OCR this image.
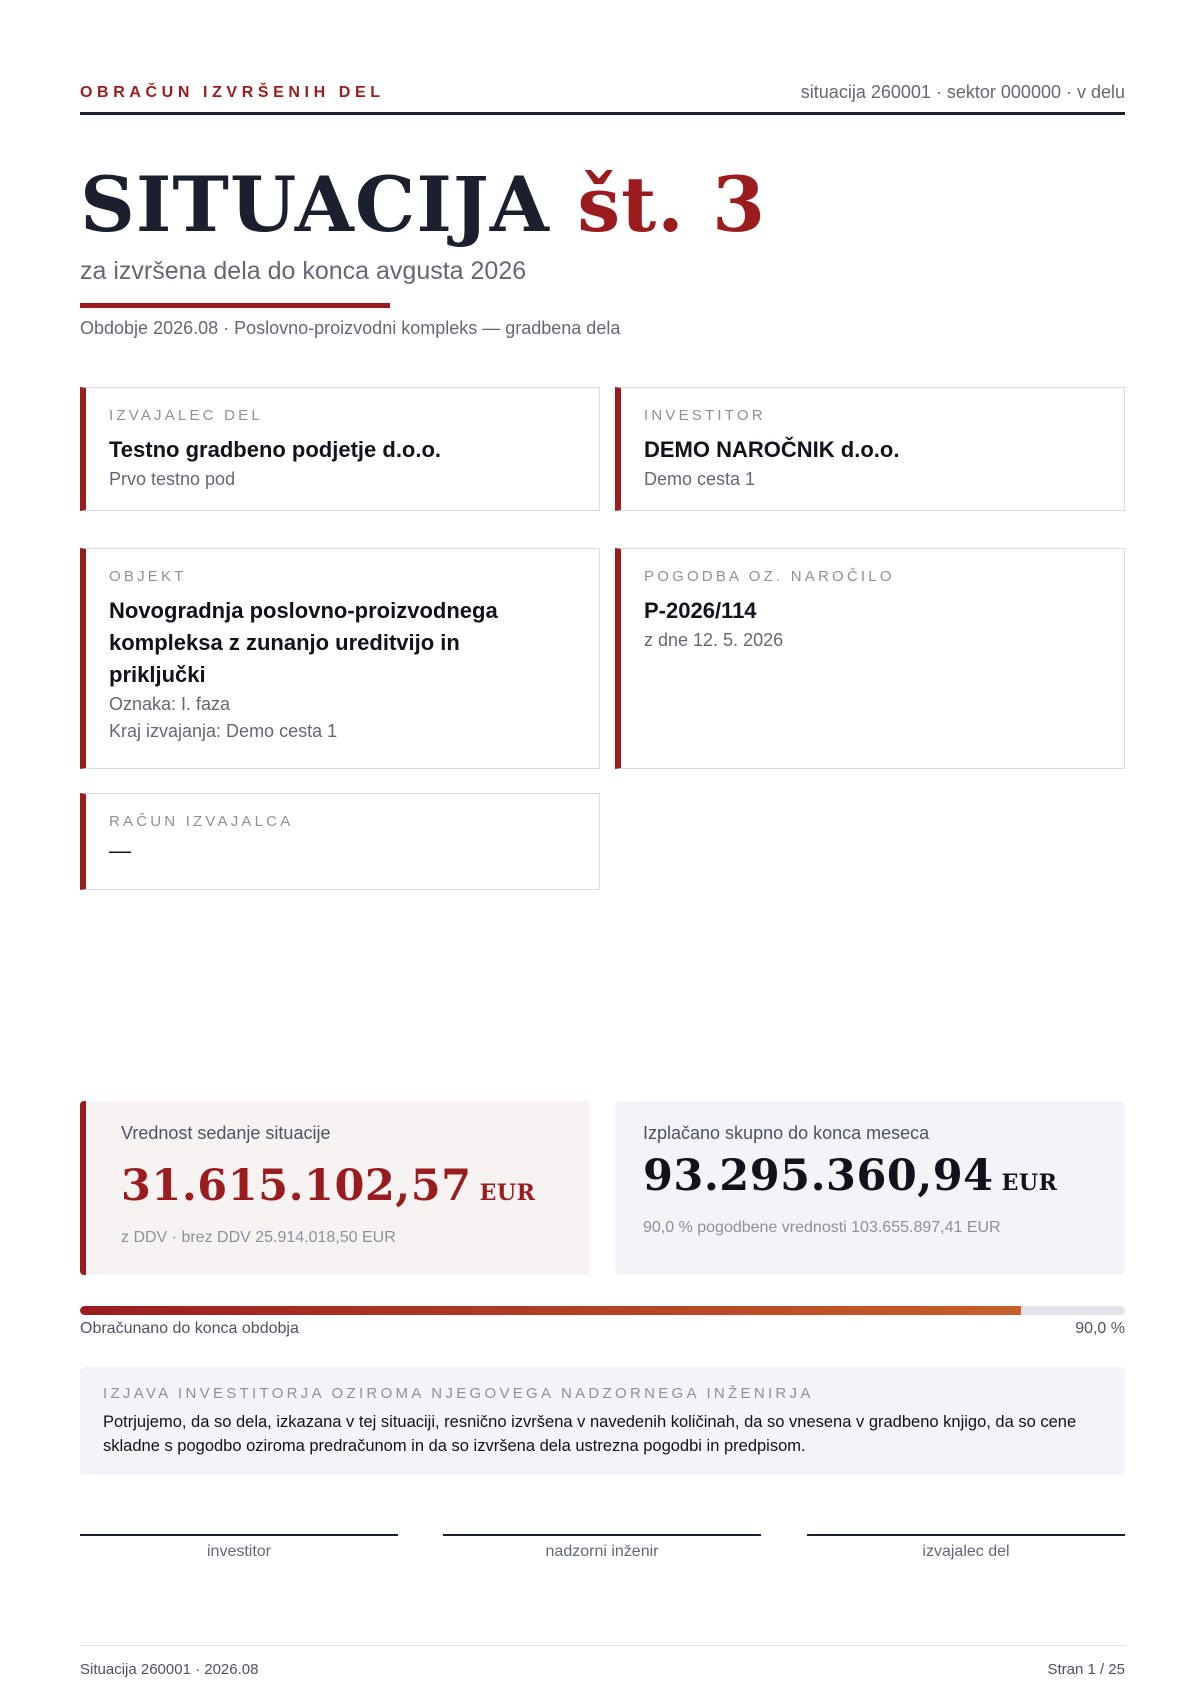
OBRAČUN IZVRŠENIH DEL	situacija 260001 · sektor 000000 · v delu
SITUACIJA št. 3
za izvršena dela do konca avgusta 2026
Obdobje 2026.08 · Poslovno-proizvodni kompleks — gradbena dela
IZVAJALEC DEL
Testno gradbeno podjetje d.o.o.
Prvo testno pod
INVESTITOR
DEMO NAROČNIK d.o.o.
Demo cesta 1
OBJEKT
Novogradnja poslovno-proizvodnega kompleksa z zunanjo ureditvijo in priključki
Oznaka: I. faza
Kraj izvajanja: Demo cesta 1
POGODBA OZ. NAROČILO
P-2026/114
z dne 12. 5. 2026
RAČUN IZVAJALCA
—
Vrednost sedanje situacije
31.615.102,57 EUR
z DDV · brez DDV 25.914.018,50 EUR
Izplačano skupno do konca meseca
93.295.360,94 EUR
90,0 % pogodbene vrednosti 103.655.897,41 EUR
Obračunano do konca obdobja	90,0 %
IZJAVA INVESTITORJA OZIROMA NJEGOVEGA NADZORNEGA INŽENIRJA
Potrjujemo, da so dela, izkazana v tej situaciji, resnično izvršena v navedenih količinah, da so vnesena v gradbeno knjigo, da so cene skladne s pogodbo oziroma predračunom in da so izvršena dela ustrezna pogodbi in predpisom.
investitor	nadzorni inženir	izvajalec del
Situacija 260001 · 2026.08	Stran 1 / 25
